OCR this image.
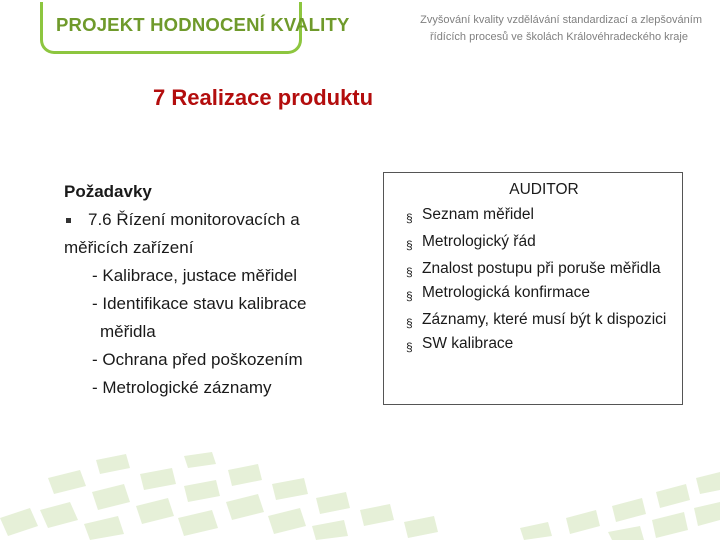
PROJEKT HODNOCENÍ KVALITY	Zvyšování kvality vzdělávání standardizací a zlepšováním
řídících procesů ve školách Královéhradeckého kraje
7 Realizace produktu
Požadavky
7.6 Řízení monitorovacích a
měřicích zařízení
- Kalibrace, justace měřidel
- Identifikace stavu kalibrace
měřidla
- Ochrana před poškozením
- Metrologické záznamy
AUDITOR
§ Seznam měřidel
§ Metrologický řád
§ Znalost postupu při poruše měřidla
§ Metrologická konfirmace
§ Záznamy, které musí být k dispozici
§ SW kalibrace
